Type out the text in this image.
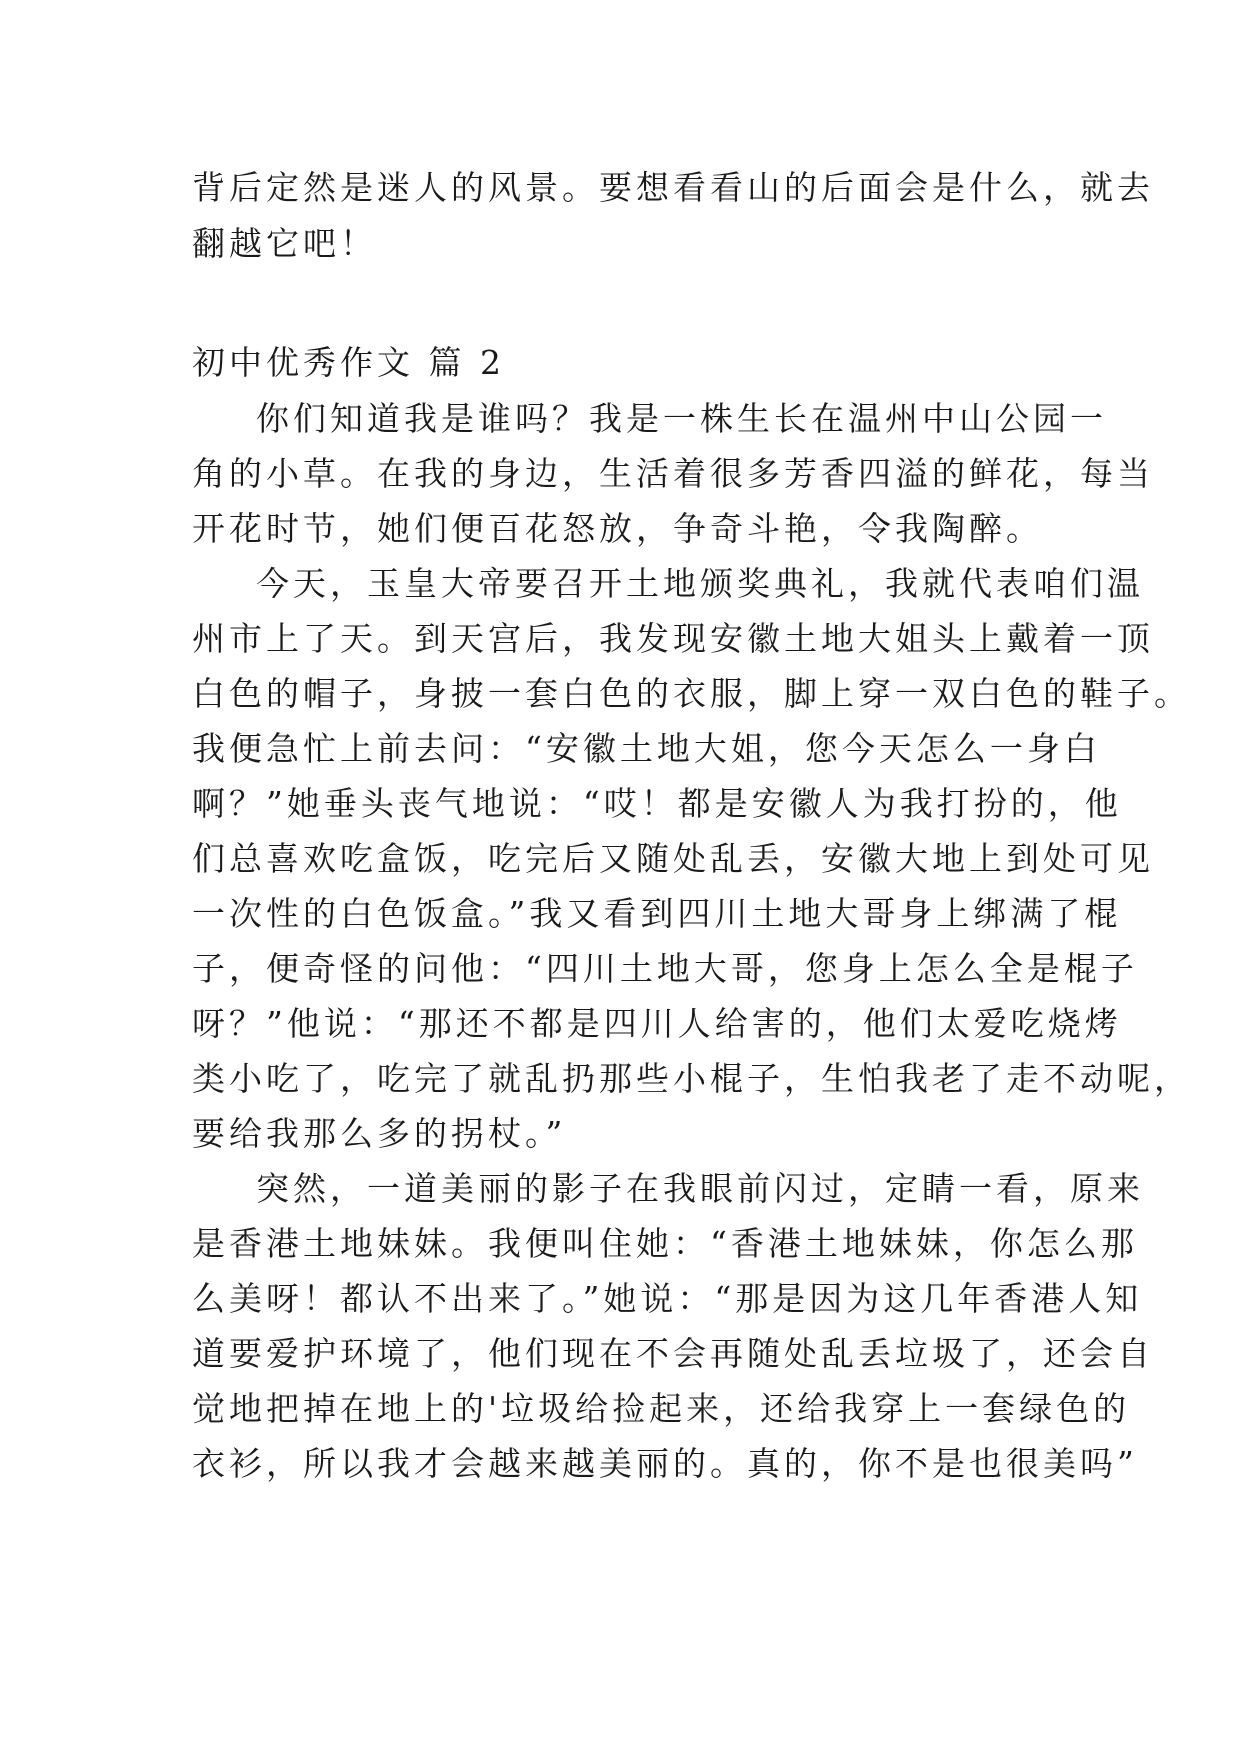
背后定然是迷人的风景。要想看看山的后面会是什么，就去
翻越它吧！
初中优秀作文 篇 2
你们知道我是谁吗？我是一株生长在温州中山公园一
角的小草。在我的身边，生活着很多芳香四溢的鲜花，每当
开花时节，她们便百花怒放，争奇斗艳，令我陶醉。
今天，玉皇大帝要召开土地颁奖典礼，我就代表咱们温
州市上了天。到天宫后，我发现安徽土地大姐头上戴着一顶
白色的帽子，身披一套白色的衣服，脚上穿一双白色的鞋子。
我便急忙上前去问：“安徽土地大姐，您今天怎么一身白
啊？”她垂头丧气地说：“哎！都是安徽人为我打扮的，他
们总喜欢吃盒饭，吃完后又随处乱丢，安徽大地上到处可见
一次性的白色饭盒。”我又看到四川土地大哥身上绑满了棍
子，便奇怪的问他：“四川土地大哥，您身上怎么全是棍子
呀？”他说：“那还不都是四川人给害的，他们太爱吃烧烤
类小吃了，吃完了就乱扔那些小棍子，生怕我老了走不动呢，
要给我那么多的拐杖。”
突然，一道美丽的影子在我眼前闪过，定睛一看，原来
是香港土地妹妹。我便叫住她：“香港土地妹妹，你怎么那
么美呀！都认不出来了。”她说：“那是因为这几年香港人知
道要爱护环境了，他们现在不会再随处乱丢垃圾了，还会自
觉地把掉在地上的'垃圾给捡起来，还给我穿上一套绿色的
衣衫，所以我才会越来越美丽的。真的，你不是也很美吗”
